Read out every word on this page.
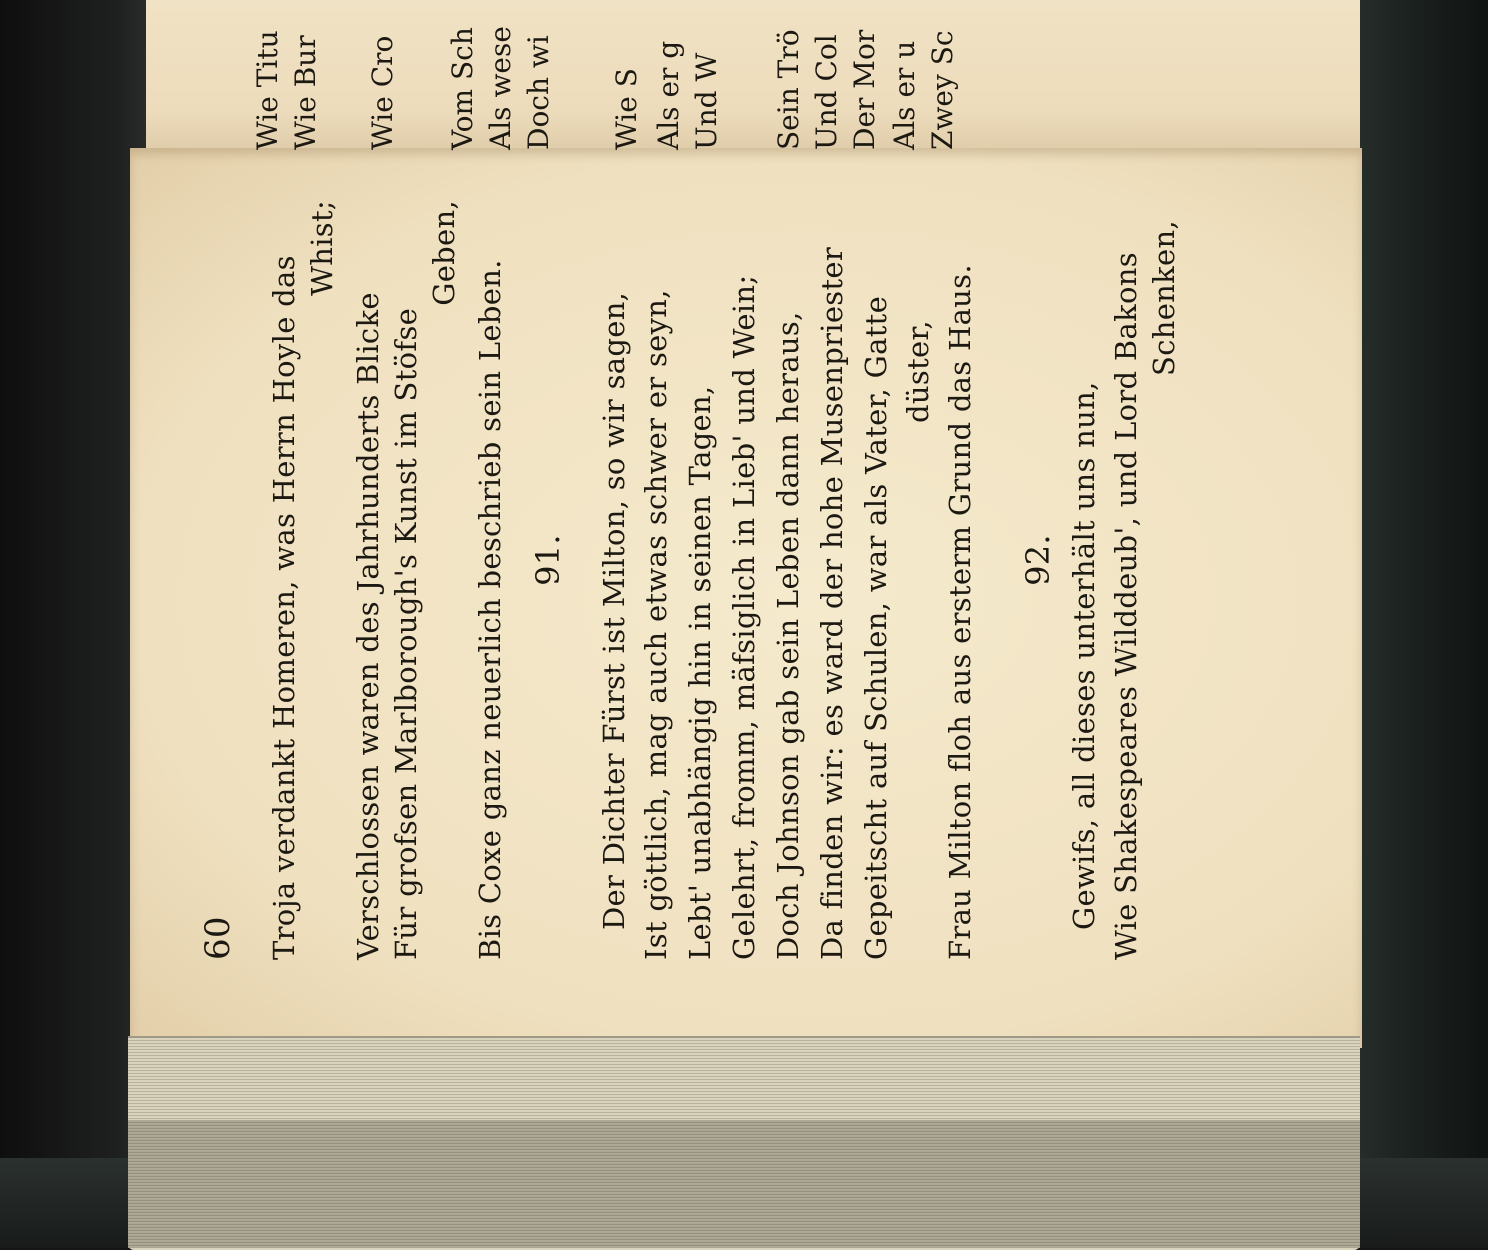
Wie Titu Wie Bur Wie Cro Vom Sch Als wese Doch wi Wie S Als er g Und W Sein Trö Und Col Der Mor Als er u Zwey Sc
60 Troja verdankt Homeren, was Herrn Hoyle das
Whist;
Verschlossen waren des Jahrhunderts Blicke Für grofsen Marlborough's Kunst im Stöfse
Geben,
Bis Coxe ganz neuerlich beschrieb sein Leben. 91. Der Dichter Fürst ist Milton, so wir sagen, Ist göttlich, mag auch etwas schwer er seyn, Lebt' unabhängig hin in seinen Tagen, Gelehrt, fromm, mäfsiglich in Lieb' und Wein; Doch Johnson gab sein Leben dann heraus, Da finden wir: es ward der hohe Musenpriester Gepeitscht auf Schulen, war als Vater, Gatte düster, Frau Milton floh aus ersterm Grund das Haus. 92. Gewifs, all dieses unterhält uns nun, Wie Shakespeares Wilddeub', und Lord Bakons Schenken,
